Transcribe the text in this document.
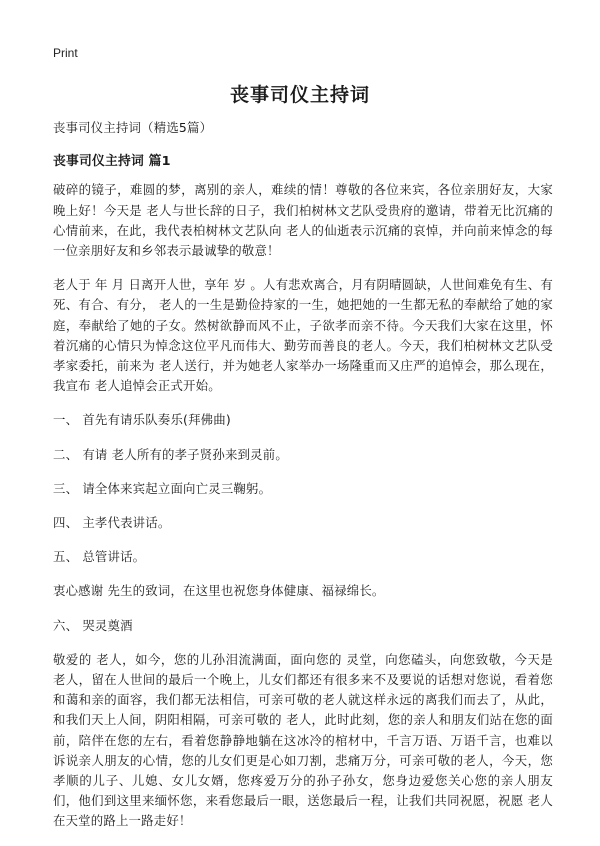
Print
丧事司仪主持词

丧事司仪主持词（精选5篇）

丧事司仪主持词 篇1

破碎的镜子，难圆的梦，离别的亲人，难续的情！尊敬的各位来宾，各位亲朋好友，大家晚上好！今天是 老人与世长辞的日子，我们柏树林文艺队受贵府的邀请，带着无比沉痛的心情前来，在此，我代表柏树林文艺队向 老人的仙逝表示沉痛的哀悼，并向前来悼念的每一位亲朋好友和乡邻表示最诚挚的敬意！

老人于 年 月 日离开人世，享年 岁 。人有悲欢离合，月有阴晴圆缺，人世间难免有生、有死、有合、有分， 老人的一生是勤俭持家的一生，她把她的一生都无私的奉献给了她的家庭，奉献给了她的子女。然树欲静而风不止，子欲孝而亲不待。今天我们大家在这里，怀着沉痛的心情只为悼念这位平凡而伟大、勤劳而善良的老人。今天，我们柏树林文艺队受孝家委托，前来为 老人送行，并为她老人家举办一场隆重而又庄严的追悼会，那么现在，我宣布 老人追悼会正式开始。

一、 首先有请乐队奏乐(拜佛曲)

二、 有请 老人所有的孝子贤孙来到灵前。

三、 请全体来宾起立面向亡灵三鞠躬。

四、 主孝代表讲话。

五、 总管讲话。

衷心感谢 先生的致词，在这里也祝您身体健康、福禄绵长。

六、 哭灵奠酒

敬爱的 老人，如今，您的儿孙泪流满面，面向您的 灵堂，向您磕头，向您致敬，今天是 老人，留在人世间的最后一个晚上，儿女们都还有很多来不及要说的话想对您说，看着您和蔼和亲的面容，我们都无法相信，可亲可敬的老人就这样永远的离我们而去了，从此，和我们天上人间，阴阳相隔，可亲可敬的 老人，此时此刻，您的亲人和朋友们站在您的面前，陪伴在您的左右，看着您静静地躺在这冰冷的棺材中，千言万语、万语千言，也难以诉说亲人朋友的心情，您的儿女们更是心如刀割，悲痛万分，可亲可敬的老人，今天，您孝顺的儿子、儿媳、女儿女婿，您疼爱万分的孙子孙女，您身边爱您关心您的亲人朋友们，他们到这里来缅怀您，来看您最后一眼，送您最后一程，让我们共同祝愿，祝愿 老人在天堂的路上一路走好！
